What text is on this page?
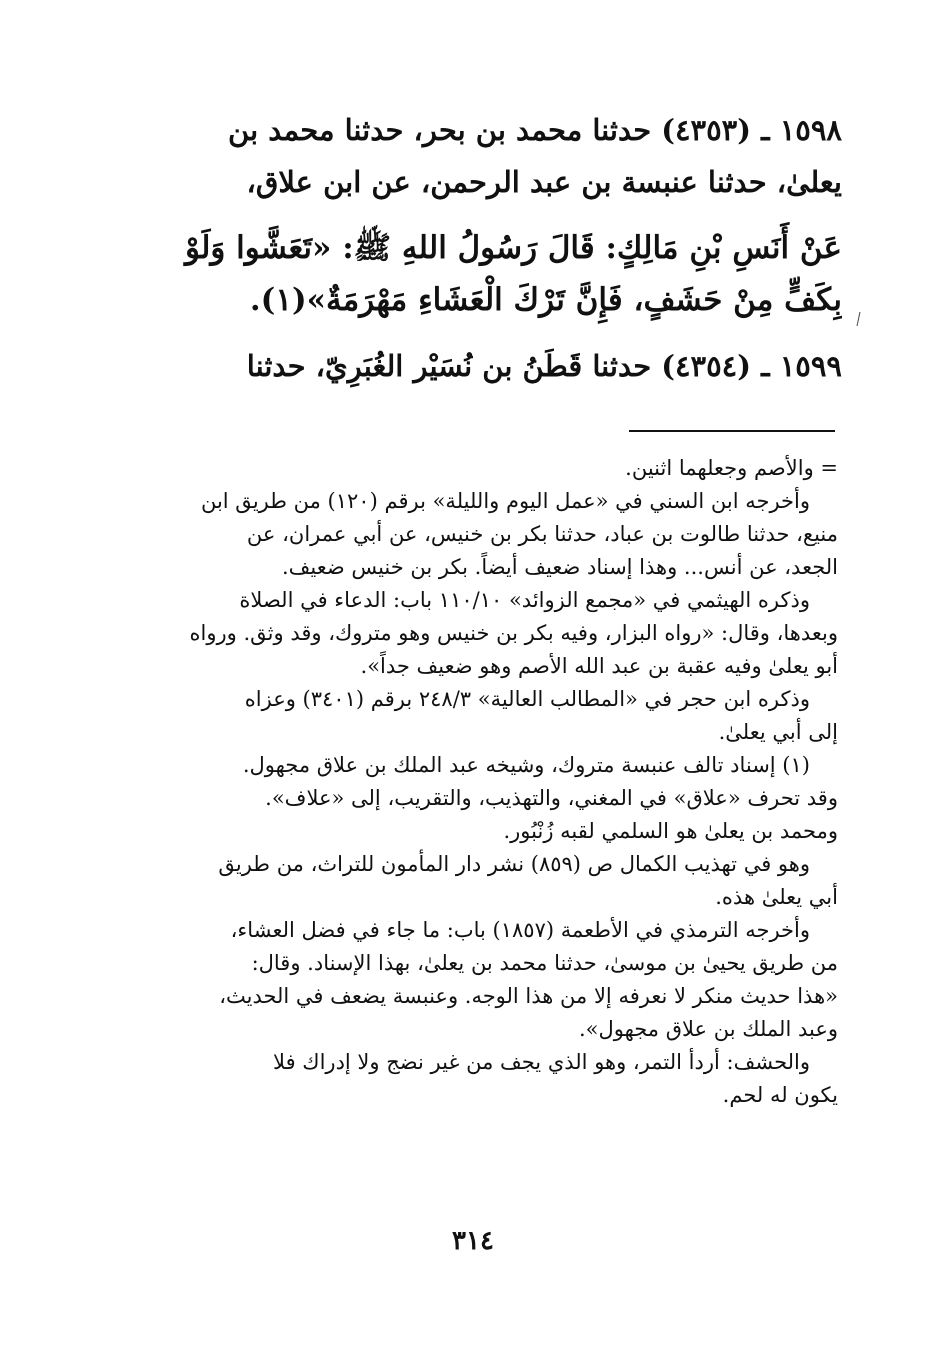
١٥٩٨ ـ (٤٣٥٣) حدثنا محمد بن بحر، حدثنا محمد بن
يعلىٰ، حدثنا عنبسة بن عبد الرحمن، عن ابن علاق،
عَنْ أَنَسِ بْنِ مَالِكٍ: قَالَ رَسُولُ اللهِ ﷺ: «تَعَشَّوا وَلَوْ
بِكَفٍّ مِنْ حَشَفٍ، فَإِنَّ تَرْكَ الْعَشَاءِ مَهْرَمَةٌ»(١).
١٥٩٩ ـ (٤٣٥٤) حدثنا قَطَنُ بن نُسَيْر الغُبَرِيّ، حدثنا
= والأصم وجعلهما اثنين.
وأخرجه ابن السني في «عمل اليوم والليلة» برقم (١٢٠) من طريق ابن
منيع، حدثنا طالوت بن عباد، حدثنا بكر بن خنيس، عن أبي عمران، عن
الجعد، عن أنس... وهذا إسناد ضعيف أيضاً. بكر بن خنيس ضعيف.
وذكره الهيثمي في «مجمع الزوائد» ١١٠/١٠ باب: الدعاء في الصلاة
وبعدها، وقال: «رواه البزار، وفيه بكر بن خنيس وهو متروك، وقد وثق. ورواه
أبو يعلىٰ وفيه عقبة بن عبد الله الأصم وهو ضعيف جداً».
وذكره ابن حجر في «المطالب العالية» ٢٤٨/٣ برقم (٣٤٠١) وعزاه
إلى أبي يعلىٰ.
(١) إسناد تالف عنبسة متروك، وشيخه عبد الملك بن علاق مجهول.
وقد تحرف «علاق» في المغني، والتهذيب، والتقريب، إلى «علاف».
ومحمد بن يعلىٰ هو السلمي لقبه زُنْبُور.
وهو في تهذيب الكمال ص (٨٥٩) نشر دار المأمون للتراث، من طريق
أبي يعلىٰ هذه.
وأخرجه الترمذي في الأطعمة (١٨٥٧) باب: ما جاء في فضل العشاء،
من طريق يحيىٰ بن موسىٰ، حدثنا محمد بن يعلىٰ، بهذا الإسناد. وقال:
«هذا حديث منكر لا نعرفه إلا من هذا الوجه. وعنبسة يضعف في الحديث،
وعبد الملك بن علاق مجهول».
والحشف: أردأ التمر، وهو الذي يجف من غير نضج ولا إدراك فلا
يكون له لحم.
٣١٤
